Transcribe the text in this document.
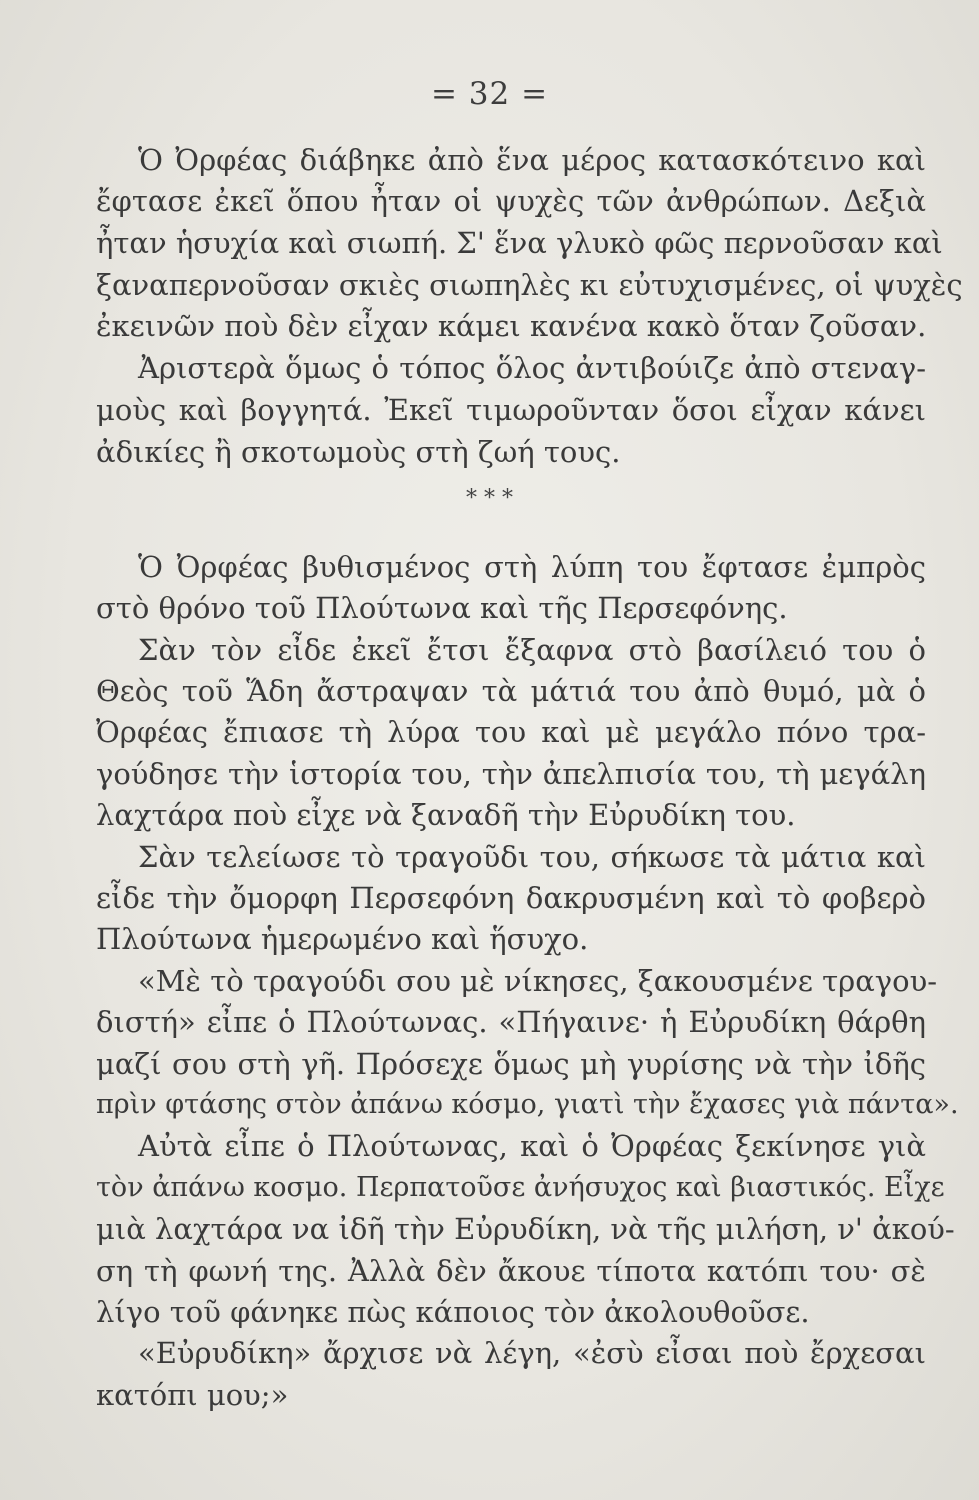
= 32 =
Ὁ Ὀρφέας διάβηκε ἀπὸ ἕνα μέρος κατασκότεινο καὶ
ἔφτασε ἐκεῖ ὅπου ἦταν οἱ ψυχὲς τῶν ἀνθρώπων. Δεξιὰ
ἦταν ἡσυχία καὶ σιωπή. Σ' ἕνα γλυκὸ φῶς περνοῦσαν καὶ
ξαναπερνοῦσαν σκιὲς σιωπηλὲς κι εὐτυχισμένες, οἱ ψυχὲς
ἐκεινῶν ποὺ δὲν εἶχαν κάμει κανένα κακὸ ὅταν ζοῦσαν.
Ἀριστερὰ ὅμως ὁ τόπος ὅλος ἀντιβούιζε ἀπὸ στεναγ-
μοὺς καὶ βογγητά. Ἐκεῖ τιμωροῦνταν ὅσοι εἶχαν κάνει
ἀδικίες ἢ σκοτωμοὺς στὴ ζωή τους.
* * *
Ὁ Ὀρφέας βυθισμένος στὴ λύπη του ἔφτασε ἐμπρὸς
στὸ θρόνο τοῦ Πλούτωνα καὶ τῆς Περσεφόνης.
Σὰν τὸν εἶδε ἐκεῖ ἔτσι ἔξαφνα στὸ βασίλειό του ὁ
Θεὸς τοῦ Ἅδη ἄστραψαν τὰ μάτιά του ἀπὸ θυμό, μὰ ὁ
Ὀρφέας ἔπιασε τὴ λύρα του καὶ μὲ μεγάλο πόνο τρα-
γούδησε τὴν ἱστορία του, τὴν ἀπελπισία του, τὴ μεγάλη
λαχτάρα ποὺ εἶχε νὰ ξαναδῆ τὴν Εὐρυδίκη του.
Σὰν τελείωσε τὸ τραγοῦδι του, σήκωσε τὰ μάτια καὶ
εἶδε τὴν ὄμορφη Περσεφόνη δακρυσμένη καὶ τὸ φοβερὸ
Πλούτωνα ἡμερωμένο καὶ ἥσυχο.
«Μὲ τὸ τραγούδι σου μὲ νίκησες, ξακουσμένε τραγου-
διστή» εἶπε ὁ Πλούτωνας. «Πήγαινε· ἡ Εὐρυδίκη θάρθη
μαζί σου στὴ γῆ. Πρόσεχε ὅμως μὴ γυρίσης νὰ τὴν ἰδῆς
πρὶν φτάσης στὸν ἀπάνω κόσμο, γιατὶ τὴν ἔχασες γιὰ πάντα».
Αὐτὰ εἶπε ὁ Πλούτωνας, καὶ ὁ Ὀρφέας ξεκίνησε γιὰ
τὸν ἀπάνω κοσμο. Περπατοῦσε ἀνήσυχος καὶ βιαστικός. Εἶχε
μιὰ λαχτάρα να ἰδῆ τὴν Εὐρυδίκη, νὰ τῆς μιλήση, ν' ἀκού-
ση τὴ φωνή της. Ἀλλὰ δὲν ἄκουε τίποτα κατόπι του· σὲ
λίγο τοῦ φάνηκε πὼς κάποιος τὸν ἀκολουθοῦσε.
«Εὐρυδίκη» ἄρχισε νὰ λέγη, «ἐσὺ εἶσαι ποὺ ἔρχεσαι
κατόπι μου;»
